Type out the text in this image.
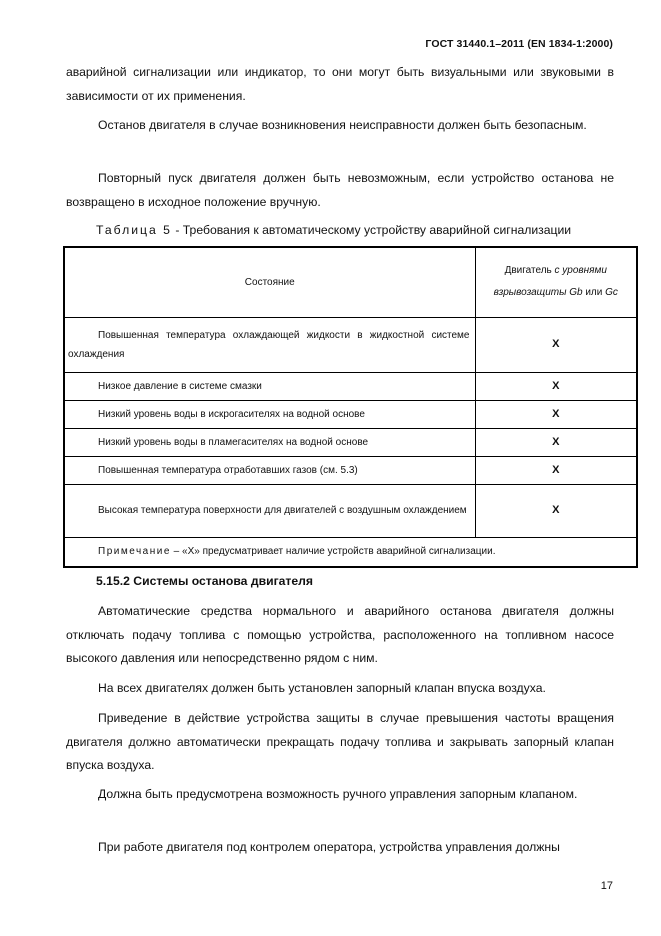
ГОСТ 31440.1–2011 (EN 1834-1:2000)
аварийной сигнализации или индикатор, то они могут быть визуальными или звуковыми в зависимости от их применения.
Останов двигателя в случае возникновения неисправности должен быть безопасным.
Повторный пуск двигателя должен быть невозможным, если устройство останова не возвращено в исходное положение вручную.
Таблица 5 - Требования к автоматическому устройству аварийной сигнализации
Состояние	Двигатель с уровнями взрывозащиты Gb или Gc

Повышенная температура охлаждающей жидкости в жидкостной системе охлаждения	X

Низкое давление в системе смазки	X

Низкий уровень воды в искрогасителях на водной основе	X

Низкий уровень воды в пламегасителях на водной основе	X

Повышенная температура отработавших газов (см. 5.3)	X

Высокая температура поверхности для двигателей с воздушным охлаждением	X
Примечание – «X» предусматривает наличие устройств аварийной сигнализации.	
5.15.2 Системы останова двигателя
Автоматические средства нормального и аварийного останова двигателя должны отключать подачу топлива с помощью устройства, расположенного на топливном насосе высокого давления или непосредственно рядом с ним.
На всех двигателях должен быть установлен запорный клапан впуска воздуха.
Приведение в действие устройства защиты в случае превышения частоты вращения двигателя должно автоматически прекращать подачу топлива и закрывать запорный клапан впуска воздуха.
Должна быть предусмотрена возможность ручного управления запорным клапаном.
При работе двигателя под контролем оператора, устройства управления должны
17
